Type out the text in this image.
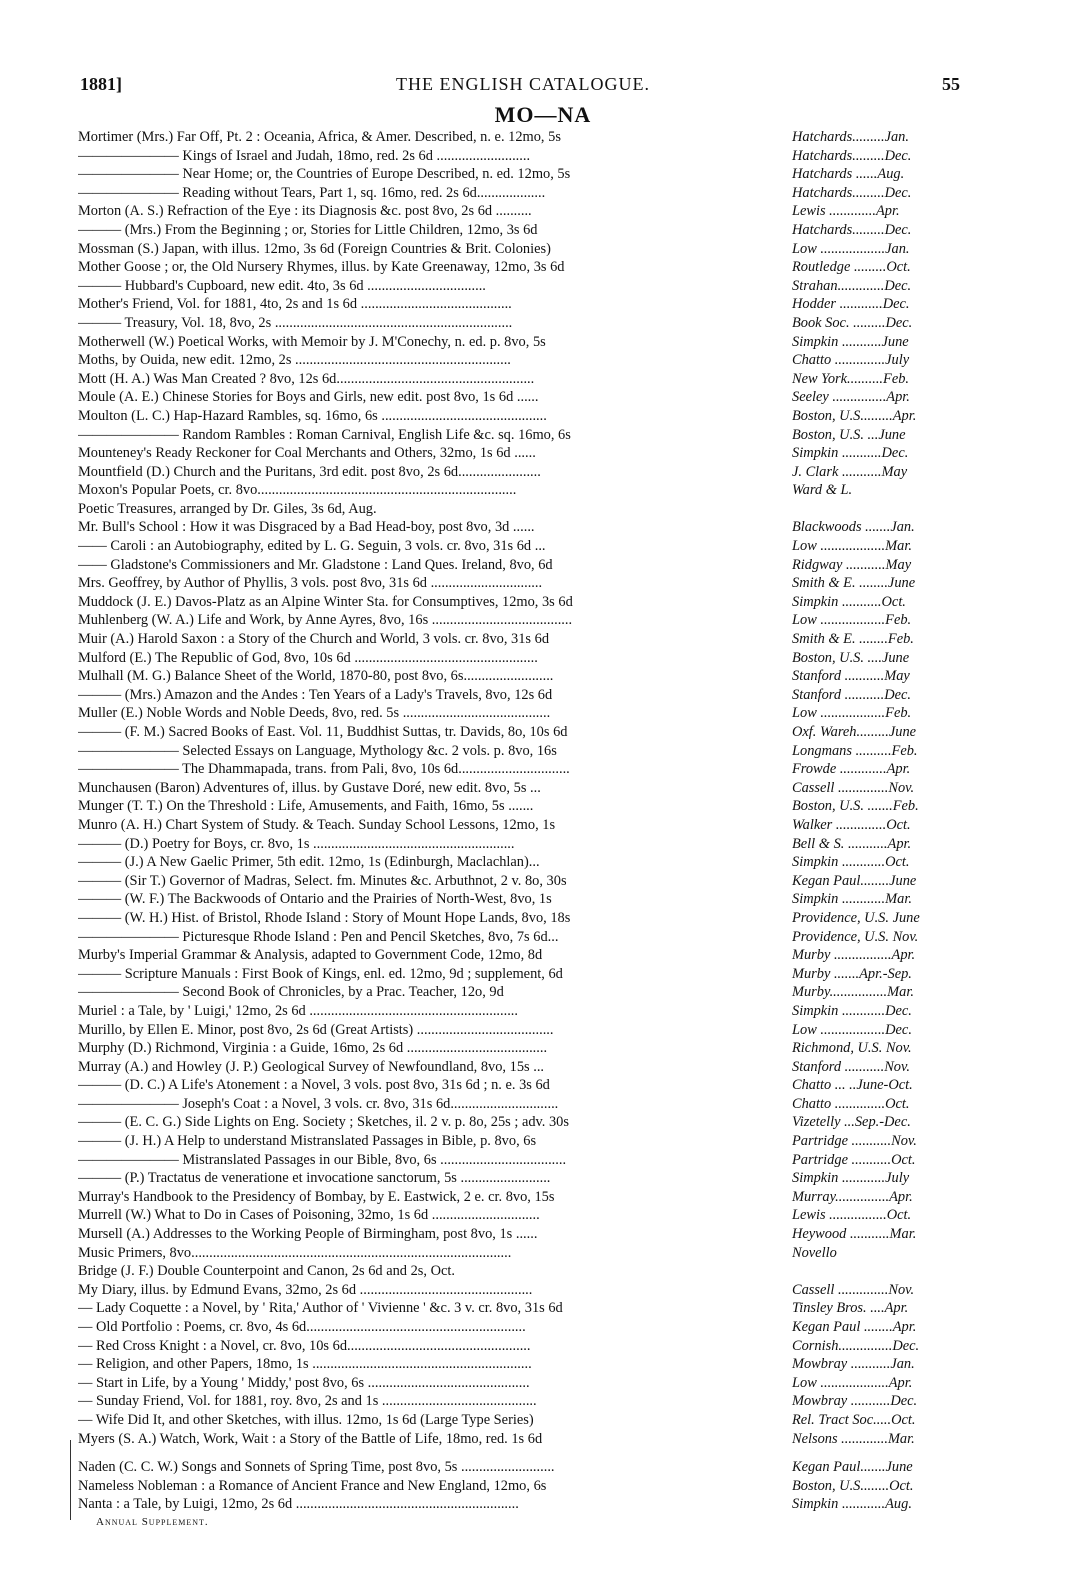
1881]	THE ENGLISH CATALOGUE.	55
MO—NA
Mortimer (Mrs.) Far Off, Pt. 2 : Oceania, Africa, & Amer. Described, n. e. 12mo, 5s	Hatchards.........Jan.
——————— Kings of Israel and Judah, 18mo, red. 2s 6d ..........................	Hatchards.........Dec.
——————— Near Home; or, the Countries of Europe Described, n. ed. 12mo, 5s	Hatchards ......Aug.
——————— Reading without Tears, Part 1, sq. 16mo, red. 2s 6d...................	Hatchards.........Dec.
Morton (A. S.) Refraction of the Eye : its Diagnosis &c. post 8vo, 2s 6d ..........	Lewis .............Apr.
——— (Mrs.) From the Beginning ; or, Stories for Little Children, 12mo, 3s 6d	Hatchards.........Dec.
Mossman (S.) Japan, with illus. 12mo, 3s 6d (Foreign Countries & Brit. Colonies)	Low ..................Jan.
Mother Goose ; or, the Old Nursery Rhymes, illus. by Kate Greenaway, 12mo, 3s 6d	Routledge .........Oct.
——— Hubbard's Cupboard, new edit. 4to, 3s 6d .................................	Strahan.............Dec.
Mother's Friend, Vol. for 1881, 4to, 2s and 1s 6d ..........................................	Hodder ............Dec.
——— Treasury, Vol. 18, 8vo, 2s ..................................................................	Book Soc. .........Dec.
Motherwell (W.) Poetical Works, with Memoir by J. M'Conechy, n. ed. p. 8vo, 5s	Simpkin ...........June
Moths, by Ouida, new edit. 12mo, 2s ............................................................	Chatto ..............July
Mott (H. A.) Was Man Created ? 8vo, 12s 6d.......................................................	New York..........Feb.
Moule (A. E.) Chinese Stories for Boys and Girls, new edit. post 8vo, 1s 6d ......	Seeley ...............Apr.
Moulton (L. C.) Hap-Hazard Rambles, sq. 16mo, 6s ..............................................	Boston, U.S.........Apr.
——————— Random Rambles : Roman Carnival, English Life &c. sq. 16mo, 6s	Boston, U.S. ...June
Mounteney's Ready Reckoner for Coal Merchants and Others, 32mo, 1s 6d ......	Simpkin ...........Dec.
Mountfield (D.) Church and the Puritans, 3rd edit. post 8vo, 2s 6d.......................	J. Clark ...........May
Moxon's Popular Poets, cr. 8vo........................................................................	Ward & L.
Poetic Treasures, arranged by Dr. Giles, 3s 6d, Aug.
Mr. Bull's School : How it was Disgraced by a Bad Head-boy, post 8vo, 3d ......	Blackwoods .......Jan.
—— Caroli : an Autobiography, edited by L. G. Seguin, 3 vols. cr. 8vo, 31s 6d ...	Low ..................Mar.
—— Gladstone's Commissioners and Mr. Gladstone : Land Ques. Ireland, 8vo, 6d	Ridgway ...........May
Mrs. Geoffrey, by Author of Phyllis, 3 vols. post 8vo, 31s 6d ...............................	Smith & E. ........June
Muddock (J. E.) Davos-Platz as an Alpine Winter Sta. for Consumptives, 12mo, 3s 6d	Simpkin ...........Oct.
Muhlenberg (W. A.) Life and Work, by Anne Ayres, 8vo, 16s .......................................	Low ..................Feb.
Muir (A.) Harold Saxon : a Story of the Church and World, 3 vols. cr. 8vo, 31s 6d	Smith & E. ........Feb.
Mulford (E.) The Republic of God, 8vo, 10s 6d ...................................................	Boston, U.S. ....June
Mulhall (M. G.) Balance Sheet of the World, 1870-80, post 8vo, 6s.........................	Stanford ...........May
——— (Mrs.) Amazon and the Andes : Ten Years of a Lady's Travels, 8vo, 12s 6d	Stanford ...........Dec.
Muller (E.) Noble Words and Noble Deeds, 8vo, red. 5s .........................................	Low ..................Feb.
——— (F. M.) Sacred Books of East. Vol. 11, Buddhist Suttas, tr. Davids, 8o, 10s 6d	Oxf. Wareh.........June
——————— Selected Essays on Language, Mythology &c. 2 vols. p. 8vo, 16s	Longmans ..........Feb.
——————— The Dhammapada, trans. from Pali, 8vo, 10s 6d...............................	Frowde .............Apr.
Munchausen (Baron) Adventures of, illus. by Gustave Doré, new edit. 8vo, 5s ...	Cassell ..............Nov.
Munger (T. T.) On the Threshold : Life, Amusements, and Faith, 16mo, 5s .......	Boston, U.S. .......Feb.
Munro (A. H.) Chart System of Study. & Teach. Sunday School Lessons, 12mo, 1s	Walker ..............Oct.
——— (D.) Poetry for Boys, cr. 8vo, 1s ........................................................	Bell & S. ...........Apr.
——— (J.) A New Gaelic Primer, 5th edit. 12mo, 1s (Edinburgh, Maclachlan)...	Simpkin ............Oct.
——— (Sir T.) Governor of Madras, Select. fm. Minutes &c. Arbuthnot, 2 v. 8o, 30s	Kegan Paul........June
——— (W. F.) The Backwoods of Ontario and the Prairies of North-West, 8vo, 1s	Simpkin ............Mar.
——— (W. H.) Hist. of Bristol, Rhode Island : Story of Mount Hope Lands, 8vo, 18s	Providence, U.S. June
——————— Picturesque Rhode Island : Pen and Pencil Sketches, 8vo, 7s 6d...	Providence, U.S. Nov.
Murby's Imperial Grammar & Analysis, adapted to Government Code, 12mo, 8d	Murby ................Apr.
——— Scripture Manuals : First Book of Kings, enl. ed. 12mo, 9d ; supplement, 6d	Murby .......Apr.-Sep.
——————— Second Book of Chronicles, by a Prac. Teacher, 12o, 9d	Murby................Mar.
Muriel : a Tale, by ' Luigi,' 12mo, 2s 6d ..........................................................	Simpkin ............Dec.
Murillo, by Ellen E. Minor, post 8vo, 2s 6d (Great Artists) ......................................	Low ..................Dec.
Murphy (D.) Richmond, Virginia : a Guide, 16mo, 2s 6d .......................................	Richmond, U.S. Nov.
Murray (A.) and Howley (J. P.) Geological Survey of Newfoundland, 8vo, 15s ...	Stanford ...........Nov.
——— (D. C.) A Life's Atonement : a Novel, 3 vols. post 8vo, 31s 6d ; n. e. 3s 6d	Chatto ... ..June-Oct.
——————— Joseph's Coat : a Novel, 3 vols. cr. 8vo, 31s 6d..............................	Chatto ..............Oct.
——— (E. C. G.) Side Lights on Eng. Society ; Sketches, il. 2 v. p. 8o, 25s ; adv. 30s	Vizetelly ...Sep.-Dec.
——— (J. H.) A Help to understand Mistranslated Passages in Bible, p. 8vo, 6s	Partridge ...........Nov.
——————— Mistranslated Passages in our Bible, 8vo, 6s ...................................	Partridge ...........Oct.
——— (P.) Tractatus de veneratione et invocatione sanctorum, 5s .........................	Simpkin ............July
Murray's Handbook to the Presidency of Bombay, by E. Eastwick, 2 e. cr. 8vo, 15s	Murray...............Apr.
Murrell (W.) What to Do in Cases of Poisoning, 32mo, 1s 6d ..............................	Lewis ................Oct.
Mursell (A.) Addresses to the Working People of Birmingham, post 8vo, 1s ......	Heywood ...........Mar.
Music Primers, 8vo.........................................................................................	Novello
Bridge (J. F.) Double Counterpoint and Canon, 2s 6d and 2s, Oct.
My Diary, illus. by Edmund Evans, 32mo, 2s 6d ................................................	Cassell ..............Nov.
— Lady Coquette : a Novel, by ' Rita,' Author of ' Vivienne ' &c. 3 v. cr. 8vo, 31s 6d	Tinsley Bros. ....Apr.
— Old Portfolio : Poems, cr. 8vo, 4s 6d.............................................................	Kegan Paul ........Apr.
— Red Cross Knight : a Novel, cr. 8vo, 10s 6d...................................................	Cornish...............Dec.
— Religion, and other Papers, 18mo, 1s .............................................................	Mowbray ...........Jan.
— Start in Life, by a Young ' Middy,' post 8vo, 6s .............................................	Low ...................Apr.
— Sunday Friend, Vol. for 1881, roy. 8vo, 2s and 1s ...........................................	Mowbray ...........Dec.
— Wife Did It, and other Sketches, with illus. 12mo, 1s 6d (Large Type Series)	Rel. Tract Soc.....Oct.
Myers (S. A.) Watch, Work, Wait : a Story of the Battle of Life, 18mo, red. 1s 6d	Nelsons .............Mar.
Naden (C. C. W.) Songs and Sonnets of Spring Time, post 8vo, 5s ..........................	Kegan Paul.......June
Nameless Nobleman : a Romance of Ancient France and New England, 12mo, 6s	Boston, U.S........Oct.
Nanta : a Tale, by Luigi, 12mo, 2s 6d ..............................................................	Simpkin ............Aug.
Annual Supplement.
